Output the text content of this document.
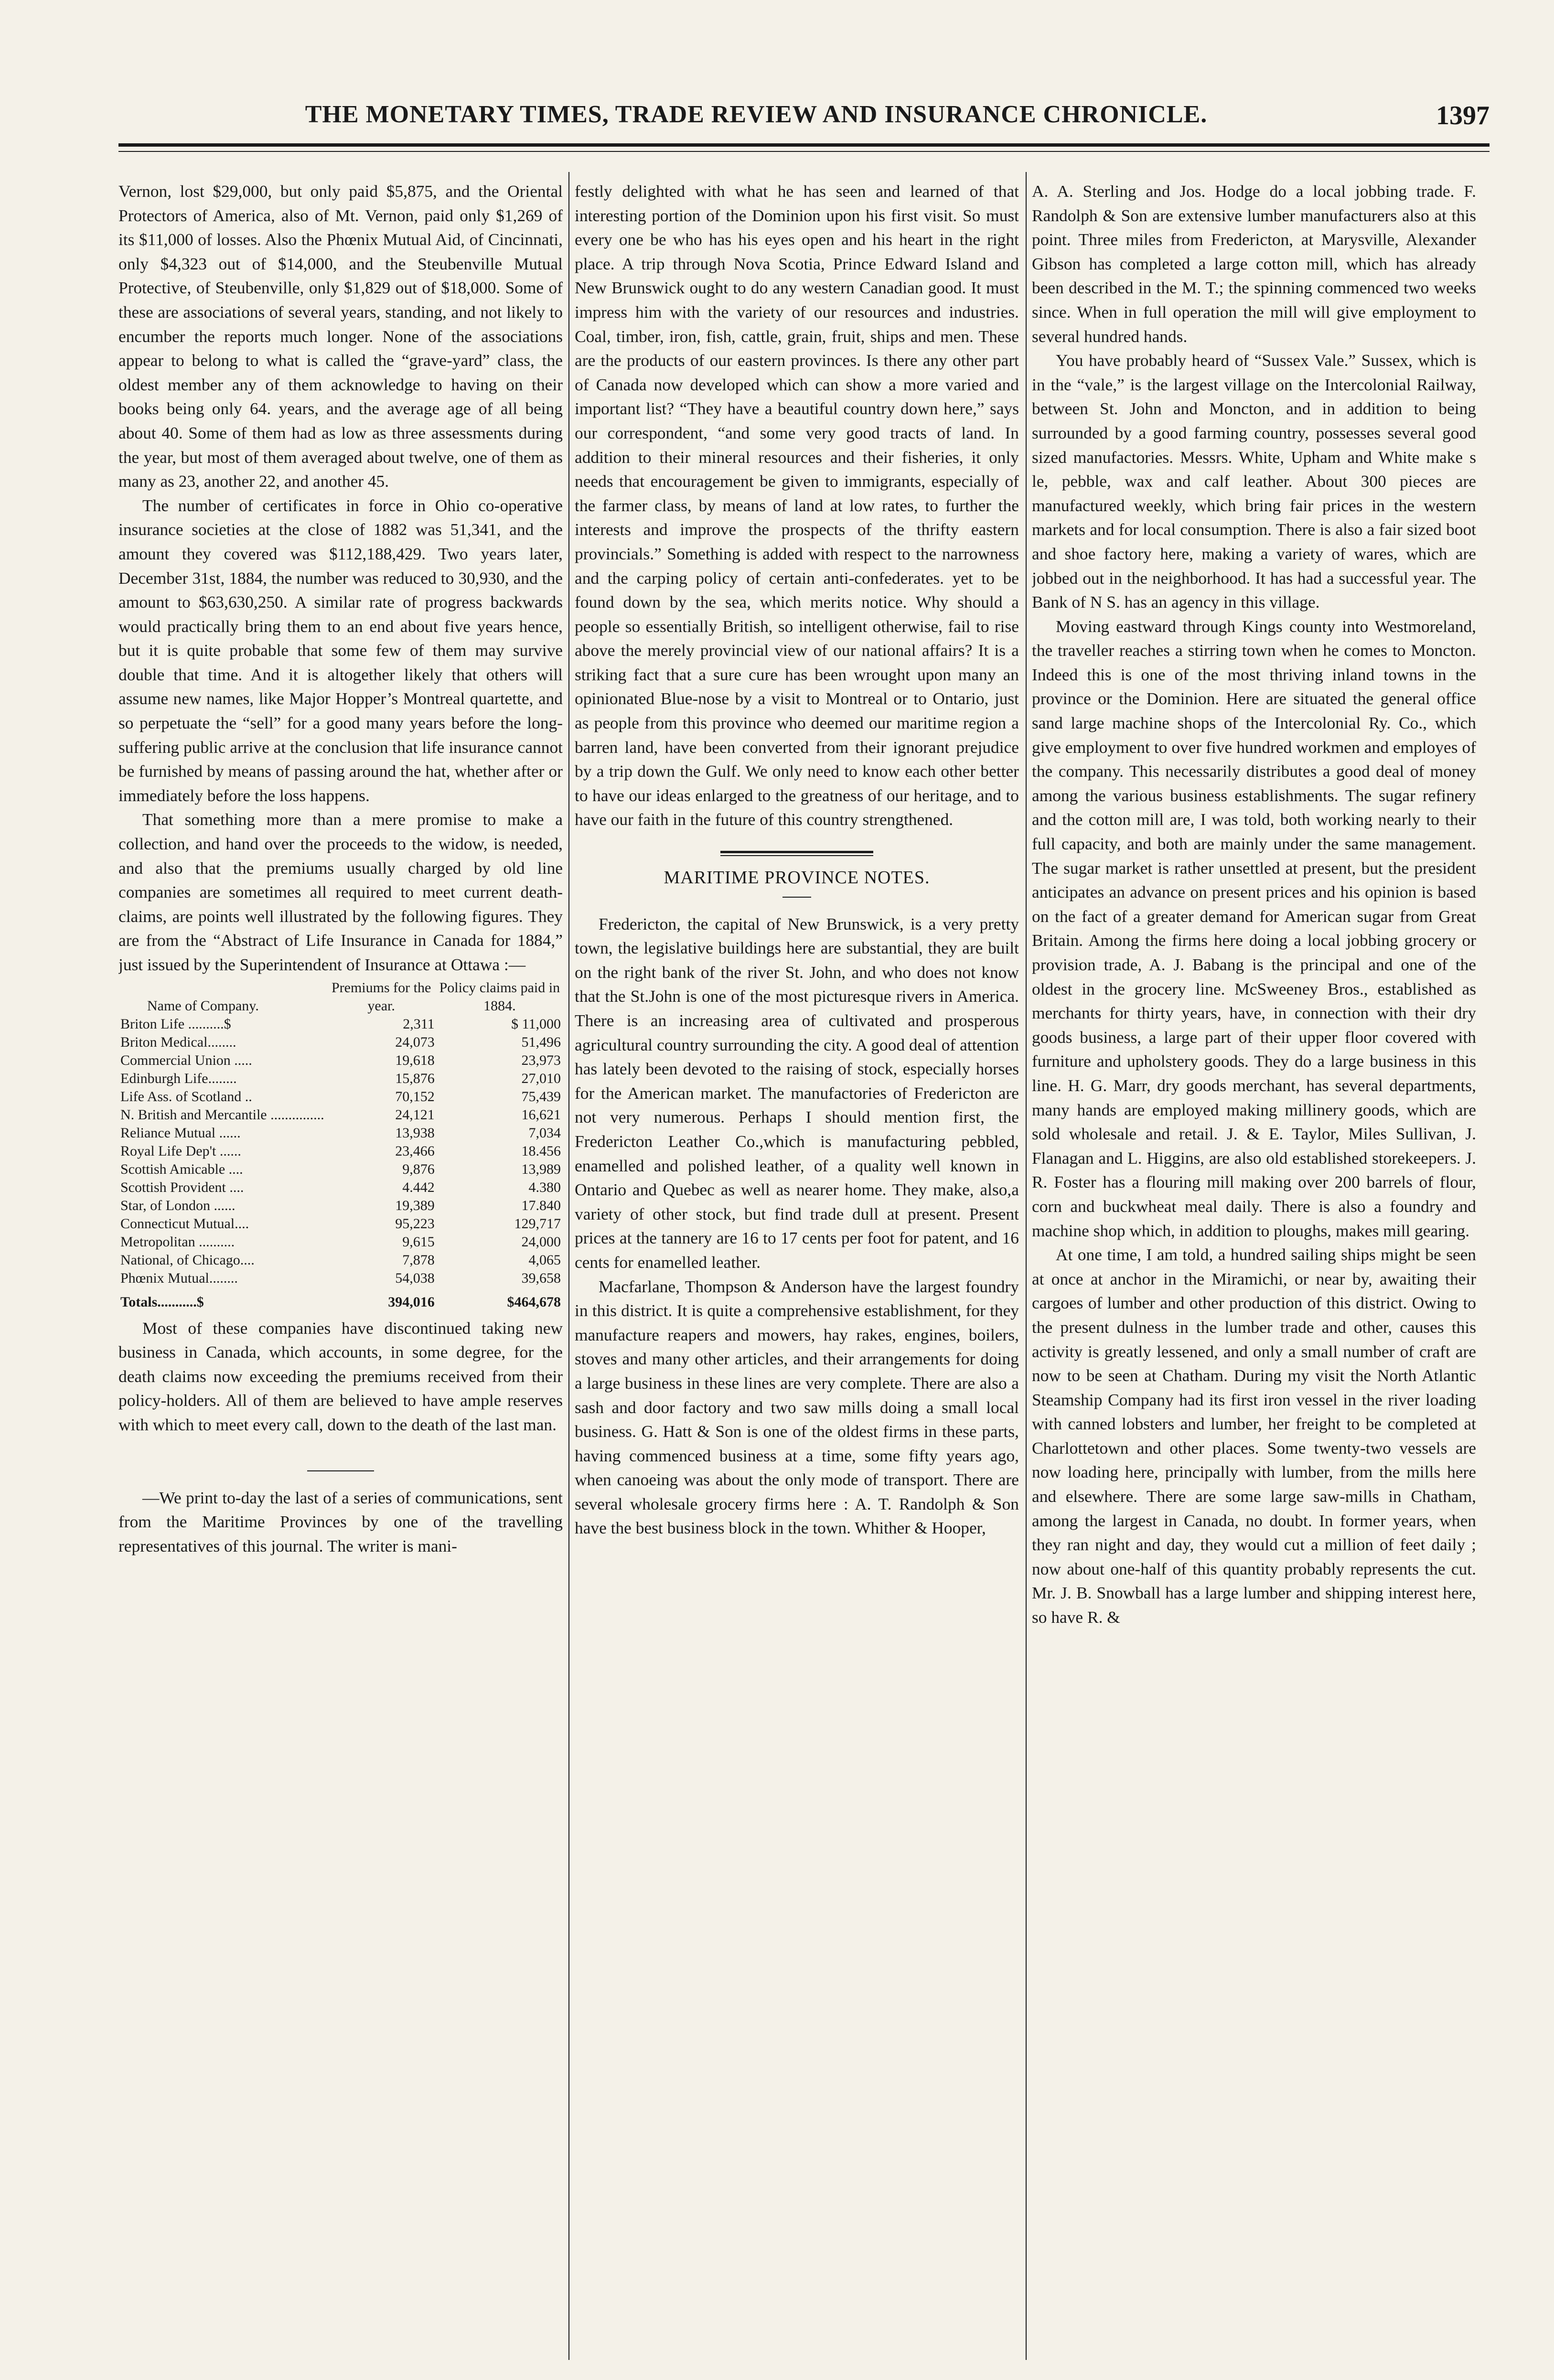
THE MONETARY TIMES, TRADE REVIEW AND INSURANCE CHRONICLE.	1397

Vernon, lost $29,000, but only paid $5,875, and the Oriental Protectors of America, also of Mt. Vernon, paid only $1,269 of its $11,000 of losses. Also the Phœnix Mutual Aid, of Cincinnati, only $4,323 out of $14,000, and the Steubenville Mutual Protective, of Steubenville, only $1,829 out of $18,000. Some of these are associations of several years, standing, and not likely to encumber the reports much longer. None of the associations appear to belong to what is called the “grave-yard” class, the oldest member any of them acknowledge to having on their books being only 64. years, and the average age of all being about 40. Some of them had as low as three assessments during the year, but most of them averaged about twelve, one of them as many as 23, another 22, and another 45.

The number of certificates in force in Ohio co-operative insurance societies at the close of 1882 was 51,341, and the amount they covered was $112,188,429. Two years later, December 31st, 1884, the number was reduced to 30,930, and the amount to $63,630,250. A similar rate of progress backwards would practically bring them to an end about five years hence, but it is quite probable that some few of them may survive double that time. And it is altogether likely that others will assume new names, like Major Hopper’s Montreal quartette, and so perpetuate the “sell” for a good many years before the long-suffering public arrive at the conclusion that life insurance cannot be furnished by means of passing around the hat, whether after or immediately before the loss happens.

That something more than a mere promise to make a collection, and hand over the proceeds to the widow, is needed, and also that the premiums usually charged by old line companies are sometimes all required to meet current death-claims, are points well illustrated by the following figures. They are from the “Abstract of Life Insurance in Canada for 1884,” just issued by the Superintendent of Insurance at Ottawa :—

Name of Company.	Premiums for the year.	Policy claims paid in 1884.
Briton Life ..........$	2,311	$ 11,000
Briton Medical........	24,073	51,496
Commercial Union .....	19,618	23,973
Edinburgh Life........	15,876	27,010
Life Ass. of Scotland ..	70,152	75,439
N. British and Mercantile ...............	24,121	16,621
Reliance Mutual ......	13,938	7,034
Royal Life Dep't ......	23,466	18.456
Scottish Amicable ....	9,876	13,989
Scottish Provident ....	4.442	4.380
Star, of London ......	19,389	17.840
Connecticut Mutual....	95,223	129,717
Metropolitan ..........	9,615	24,000
National, of Chicago....	7,878	4,065
Phœnix Mutual........	54,038	39,658
Totals...........$	394,016	$464,678

Most of these companies have discontinued taking new business in Canada, which accounts, in some degree, for the death claims now exceeding the premiums received from their policy-holders. All of them are believed to have ample reserves with which to meet every call, down to the death of the last man.

—We print to-day the last of a series of communications, sent from the Maritime Provinces by one of the travelling representatives of this journal. The writer is mani-

festly delighted with what he has seen and learned of that interesting portion of the Dominion upon his first visit. So must every one be who has his eyes open and his heart in the right place. A trip through Nova Scotia, Prince Edward Island and New Brunswick ought to do any western Canadian good. It must impress him with the variety of our resources and industries. Coal, timber, iron, fish, cattle, grain, fruit, ships and men. These are the products of our eastern provinces. Is there any other part of Canada now developed which can show a more varied and important list? “They have a beautiful country down here,” says our correspondent, “and some very good tracts of land. In addition to their mineral resources and their fisheries, it only needs that encouragement be given to immigrants, especially of the farmer class, by means of land at low rates, to further the interests and improve the prospects of the thrifty eastern provincials.” Something is added with respect to the narrowness and the carping policy of certain anti-confederates. yet to be found down by the sea, which merits notice. Why should a people so essentially British, so intelligent otherwise, fail to rise above the merely provincial view of our national affairs? It is a striking fact that a sure cure has been wrought upon many an opinionated Blue-nose by a visit to Montreal or to Ontario, just as people from this province who deemed our maritime region a barren land, have been converted from their ignorant prejudice by a trip down the Gulf. We only need to know each other better to have our ideas enlarged to the greatness of our heritage, and to have our faith in the future of this country strengthened.

MARITIME PROVINCE NOTES.

Fredericton, the capital of New Brunswick, is a very pretty town, the legislative buildings here are substantial, they are built on the right bank of the river St. John, and who does not know that the St.John is one of the most picturesque rivers in America. There is an increasing area of cultivated and prosperous agricultural country surrounding the city. A good deal of attention has lately been devoted to the raising of stock, especially horses for the American market. The manufactories of Fredericton are not very numerous. Perhaps I should mention first, the Fredericton Leather Co.,which is manufacturing pebbled, enamelled and polished leather, of a quality well known in Ontario and Quebec as well as nearer home. They make, also,a variety of other stock, but find trade dull at present. Present prices at the tannery are 16 to 17 cents per foot for patent, and 16 cents for enamelled leather.

Macfarlane, Thompson & Anderson have the largest foundry in this district. It is quite a comprehensive establishment, for they manufacture reapers and mowers, hay rakes, engines, boilers, stoves and many other articles, and their arrangements for doing a large business in these lines are very complete. There are also a sash and door factory and two saw mills doing a small local business. G. Hatt & Son is one of the oldest firms in these parts, having commenced business at a time, some fifty years ago, when canoeing was about the only mode of transport. There are several wholesale grocery firms here : A. T. Randolph & Son have the best business block in the town. Whither & Hooper,

A. A. Sterling and Jos. Hodge do a local jobbing trade. F. Randolph & Son are extensive lumber manufacturers also at this point. Three miles from Fredericton, at Marysville, Alexander Gibson has completed a large cotton mill, which has already been described in the M. T.; the spinning commenced two weeks since. When in full operation the mill will give employment to several hundred hands.

You have probably heard of “Sussex Vale.” Sussex, which is in the “vale,” is the largest village on the Intercolonial Railway, between St. John and Moncton, and in addition to being surrounded by a good farming country, possesses several good sized manufactories. Messrs. White, Upham and White make s le, pebble, wax and calf leather. About 300 pieces are manufactured weekly, which bring fair prices in the western markets and for local consumption. There is also a fair sized boot and shoe factory here, making a variety of wares, which are jobbed out in the neighborhood. It has had a successful year. The Bank of N S. has an agency in this village.

Moving eastward through Kings county into Westmoreland, the traveller reaches a stirring town when he comes to Moncton. Indeed this is one of the most thriving inland towns in the province or the Dominion. Here are situated the general office sand large machine shops of the Intercolonial Ry. Co., which give employment to over five hundred workmen and employes of the company. This necessarily distributes a good deal of money among the various business establishments. The sugar refinery and the cotton mill are, I was told, both working nearly to their full capacity, and both are mainly under the same management. The sugar market is rather unsettled at present, but the president anticipates an advance on present prices and his opinion is based on the fact of a greater demand for American sugar from Great Britain. Among the firms here doing a local jobbing grocery or provision trade, A. J. Babang is the principal and one of the oldest in the grocery line. McSweeney Bros., established as merchants for thirty years, have, in connection with their dry goods business, a large part of their upper floor covered with furniture and upholstery goods. They do a large business in this line. H. G. Marr, dry goods merchant, has several departments, many hands are employed making millinery goods, which are sold wholesale and retail. J. & E. Taylor, Miles Sullivan, J. Flanagan and L. Higgins, are also old established storekeepers. J. R. Foster has a flouring mill making over 200 barrels of flour, corn and buckwheat meal daily. There is also a foundry and machine shop which, in addition to ploughs, makes mill gearing.

At one time, I am told, a hundred sailing ships might be seen at once at anchor in the Miramichi, or near by, awaiting their cargoes of lumber and other production of this district. Owing to the present dulness in the lumber trade and other, causes this activity is greatly lessened, and only a small number of craft are now to be seen at Chatham. During my visit the North Atlantic Steamship Company had its first iron vessel in the river loading with canned lobsters and lumber, her freight to be completed at Charlottetown and other places. Some twenty-two vessels are now loading here, principally with lumber, from the mills here and elsewhere. There are some large saw-mills in Chatham, among the largest in Canada, no doubt. In former years, when they ran night and day, they would cut a million of feet daily ; now about one-half of this quantity probably represents the cut. Mr. J. B. Snowball has a large lumber and shipping interest here, so have R. &
